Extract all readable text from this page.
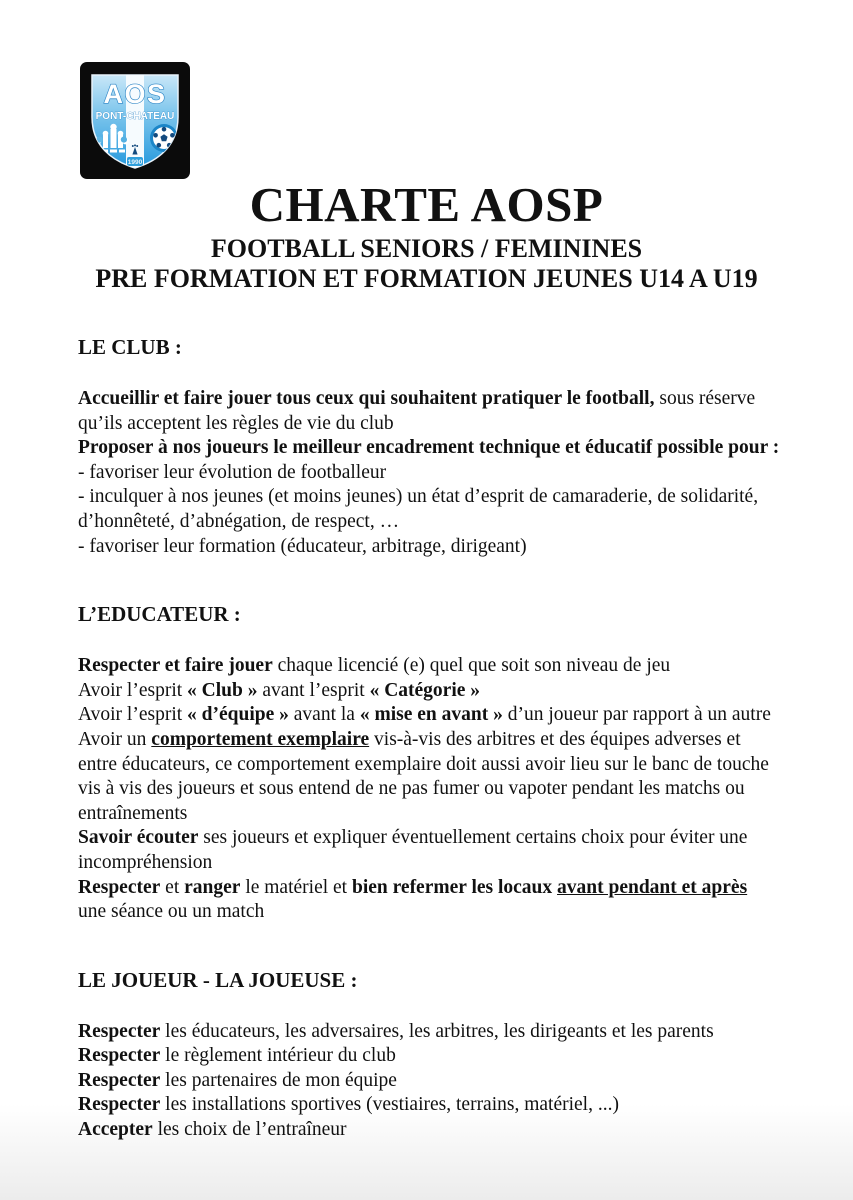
AOS
PONT-CHATEAU
1990
CHARTE AOSP
FOOTBALL SENIORS / FEMININES
PRE FORMATION ET FORMATION JEUNES U14 A U19
LE CLUB :

Accueillir et faire jouer tous ceux qui souhaitent pratiquer le football, sous réserve qu’ils acceptent les règles de vie du club

Proposer à nos joueurs le meilleur encadrement technique et éducatif possible pour :

- favoriser leur évolution de footballeur

- inculquer à nos jeunes (et moins jeunes) un état d’esprit de camaraderie, de solidarité, d’honnêteté, d’abnégation, de respect, …

- favoriser leur formation (éducateur, arbitrage, dirigeant)

L’EDUCATEUR :

Respecter et faire jouer chaque licencié (e) quel que soit son niveau de jeu

Avoir l’esprit « Club » avant l’esprit « Catégorie »

Avoir l’esprit « d’équipe » avant la « mise en avant » d’un joueur par rapport à un autre

Avoir un comportement exemplaire vis-à-vis des arbitres et des équipes adverses et entre éducateurs, ce comportement exemplaire doit aussi avoir lieu sur le banc de touche vis à vis des joueurs et sous entend de ne pas fumer ou vapoter pendant les matchs ou entraînements

Savoir écouter ses joueurs et expliquer éventuellement certains choix pour éviter une incompréhension

Respecter et ranger le matériel et bien refermer les locaux avant pendant et après une séance ou un match

LE JOUEUR - LA JOUEUSE :

Respecter les éducateurs, les adversaires, les arbitres, les dirigeants et les parents

Respecter le règlement intérieur du club

Respecter les partenaires de mon équipe

Respecter les installations sportives (vestiaires, terrains, matériel, ...)

Accepter les choix de l’entraîneur
